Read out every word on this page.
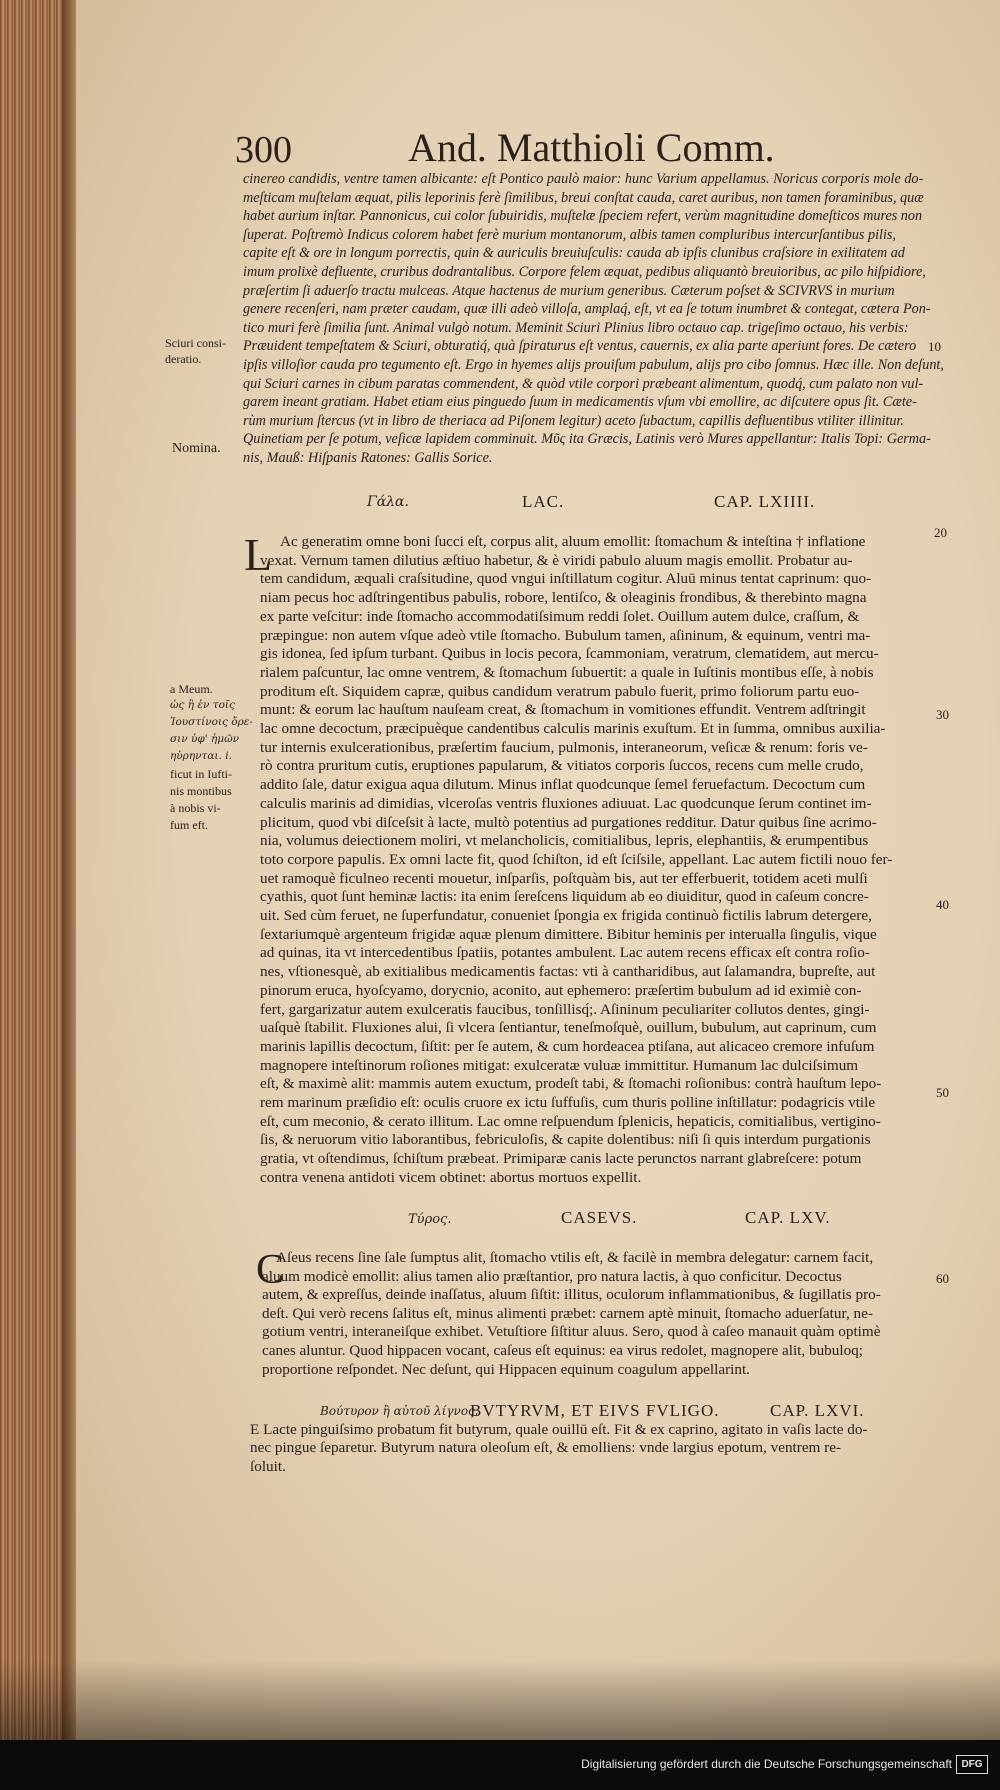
300	And. Matthioli Comm.
cinereo candidis, ventre tamen albicante: eſt Pontico paulò maior: hunc Varium appellamus. Noricus corporis mole do-
meſticam muſtelam æquat, pilis leporinis ferè ſimilibus, breui conſtat cauda, caret auribus, non tamen foraminibus, quæ
habet aurium inſtar. Pannonicus, cui color ſubuiridis, muſtelæ ſpeciem refert, verùm magnitudine domeſticos mures non
ſuperat. Poſtremò Indicus colorem habet ferè murium montanorum, albis tamen compluribus intercurſantibus pilis,
capite eſt & ore in longum porrectis, quin & auriculis breuiuſculis: cauda ab ipſis clunibus craſsiore in exilitatem ad
imum prolixè defluente, cruribus dodrantalibus. Corpore felem æquat, pedibus aliquantò breuioribus, ac pilo hiſpidiore,
præſertim ſi aduerſo tractu mulceas. Atque hactenus de murium generibus. Cæterum poſset & SCIVRVS in murium
genere recenſeri, nam præter caudam, quæ illi adeò villoſa, amplaq́, eſt, vt ea ſe totum inumbret & contegat, cætera Pon-
tico muri ferè ſimilia ſunt. Animal vulgò notum. Meminit Sciuri Plinius libro octauo cap. trigeſimo octauo, his verbis:
Præuident tempeſtatem & Sciuri, obturatiq́, quà ſpiraturus eſt ventus, cauernis, ex alia parte aperiunt fores. De cætero
ipſis villoſior cauda pro tegumento eſt. Ergo in hyemes alijs prouiſum pabulum, alijs pro cibo ſomnus. Hæc ille. Non deſunt,
qui Sciuri carnes in cibum paratas commendent, & quòd vtile corpori præbeant alimentum, quodq́, cum palato non vul-
garem ineant gratiam. Habet etiam eius pinguedo ſuum in medicamentis vſum vbi emollire, ac diſcutere opus ſit. Cæte-
rùm murium ſtercus (vt in libro de theriaca ad Piſonem legitur) aceto ſubactum, capillis defluentibus vtiliter illinitur.
Quinetiam per ſe potum, veſicæ lapidem comminuit. Μῦς ita Græcis, Latinis verò Mures appellantur: Italis Topi: Germa-
nis, Mauß: Hiſpanis Ratones: Gallis Sorice.
Sciuri consi-
deratio.
Nomina.
Γάλα.	LAC.	CAP. LXIIII.
L Ac generatim omne boni ſucci eſt, corpus alit, aluum emollit: ſtomachum & inteſtina † inflatione
vexat. Vernum tamen dilutius æſtiuo habetur, & è viridi pabulo aluum magis emollit. Probatur au-
tem candidum, æquali craſsitudine, quod vngui inſtillatum cogitur. Aluū minus tentat caprinum: quo-
niam pecus hoc adſtringentibus pabulis, robore, lentiſco, & oleaginis frondibus, & therebinto magna
ex parte veſcitur: inde ſtomacho accommodatiſsimum reddi ſolet. Ouillum autem dulce, craſſum, &
præpingue: non autem vſque adeò vtile ſtomacho. Bubulum tamen, aſininum, & equinum, ventri ma-
gis idonea, ſed ipſum turbant. Quibus in locis pecora, ſcammoniam, veratrum, clematidem, aut mercu-
rialem paſcuntur, lac omne ventrem, & ſtomachum ſubuertit: a quale in Iuſtinis montibus eſſe, à nobis
proditum eſt. Siquidem capræ, quibus candidum veratrum pabulo fuerit, primo foliorum partu euo-
munt: & eorum lac hauſtum nauſeam creat, & ſtomachum in vomitiones effundit. Ventrem adſtringit
lac omne decoctum, præcipuèque candentibus calculis marinis exuſtum. Et in ſumma, omnibus auxilia-
tur internis exulcerationibus, præſertim faucium, pulmonis, interaneorum, veſicæ & renum: foris ve-
rò contra pruritum cutis, eruptiones papularum, & vitiatos corporis ſuccos, recens cum melle crudo,
addito ſale, datur exigua aqua dilutum. Minus inflat quodcunque ſemel feruefactum. Decoctum cum
calculis marinis ad dimidias, vlceroſas ventris fluxiones adiuuat. Lac quodcunque ſerum continet im-
plicitum, quod vbi diſceſsit à lacte, multò potentius ad purgationes redditur. Datur quibus ſine acrimo-
nia, volumus deiectionem moliri, vt melancholicis, comitialibus, lepris, elephantiis, & erumpentibus
toto corpore papulis. Ex omni lacte fit, quod ſchiſton, id eſt ſciſsile, appellant. Lac autem fictili nouo fer-
uet ramoquè ficulneo recenti mouetur, inſparſis, poſtquàm bis, aut ter efferbuerit, totidem aceti mulſi
cyathis, quot ſunt heminæ lactis: ita enim ſereſcens liquidum ab eo diuiditur, quod in caſeum concre-
uit. Sed cùm feruet, ne ſuperfundatur, conueniet ſpongia ex frigida continuò fictilis labrum detergere,
ſextariumquè argenteum frigidæ aquæ plenum dimittere. Bibitur heminis per interualla ſingulis, vique
ad quinas, ita vt intercedentibus ſpatiis, potantes ambulent. Lac autem recens efficax eſt contra roſio-
nes, vſtionesquè, ab exitialibus medicamentis factas: vti à cantharidibus, aut ſalamandra, bupreſte, aut
pinorum eruca, hyoſcyamo, dorycnio, aconito, aut ephemero: præſertim bubulum ad id eximiè con-
fert, gargarizatur autem exulceratis faucibus, tonſillisq́;. Aſininum peculiariter collutos dentes, gingi-
uaſquè ſtabilit. Fluxiones alui, ſi vlcera ſentiantur, teneſmoſquè, ouillum, bubulum, aut caprinum, cum
marinis lapillis decoctum, ſiſtit: per ſe autem, & cum hordeacea ptiſana, aut alicaceo cremore infuſum
magnopere inteſtinorum roſiones mitigat: exulceratæ vuluæ immittitur. Humanum lac dulciſsimum
eſt, & maximè alit: mammis autem exuctum, prodeſt tabi, & ſtomachi roſionibus: contrà hauſtum lepo-
rem marinum præſidio eſt: oculis cruore ex ictu ſuffuſis, cum thuris polline inſtillatur: podagricis vtile
eſt, cum meconio, & cerato illitum. Lac omne reſpuendum ſplenicis, hepaticis, comitialibus, vertigino-
ſis, & neruorum vitio laborantibus, febriculoſis, & capite dolentibus: niſi ſi quis interdum purgationis
gratia, vt oſtendimus, ſchiſtum præbeat. Primiparæ canis lacte perunctos narrant glabreſcere: potum
contra venena antidoti vicem obtinet: abortus mortuos expellit.
a Meum.
ὡς ἢ ἐν τοῖς
Ἰουστίνοις ὄρε-
σιν ὑφ' ἡμῶν
ηὑρηνται. i.
ficut in Iufti-
nis montibus
à nobis vi-
fum eft.
Τύρος.	CASEVS.	CAP. LXV.
C
Aſeus recens ſine ſale ſumptus alit, ſtomacho vtilis eſt, & facilè in membra delegatur: carnem facit,
aluum modicè emollit: alius tamen alio præſtantior, pro natura lactis, à quo conficitur. Decoctus
autem, & expreſſus, deinde inaſſatus, aluum ſiſtit: illitus, oculorum inflammationibus, & ſugillatis pro-
deſt. Qui verò recens ſalitus eſt, minus alimenti præbet: carnem aptè minuit, ſtomacho aduerſatur, ne-
gotium ventri, interaneiſque exhibet. Vetuſtiore ſiſtitur aluus. Sero, quod à caſeo manauit quàm optimè
canes aluntur. Quod hippacen vocant, caſeus eſt equinus: ea virus redolet, magnopere alit, bubuloq;
proportione reſpondet. Nec deſunt, qui Hippacen equinum coagulum appellarint.
Βούτυρον ἢ αὐτοῦ λίγνος.
BVTYRVM, ET EIVS FVLIGO.	CAP. LXVI.
E Lacte pinguiſsimo probatum fit butyrum, quale ouillū eſt. Fit & ex caprino, agitato in vaſis lacte do-
nec pingue ſeparetur. Butyrum natura oleoſum eſt, & emolliens: vnde largius epotum, ventrem re-
ſoluit.
10
20
30
40
50
60
Digitalisierung gefördert durch die Deutsche Forschungsgemeinschaft DFG
